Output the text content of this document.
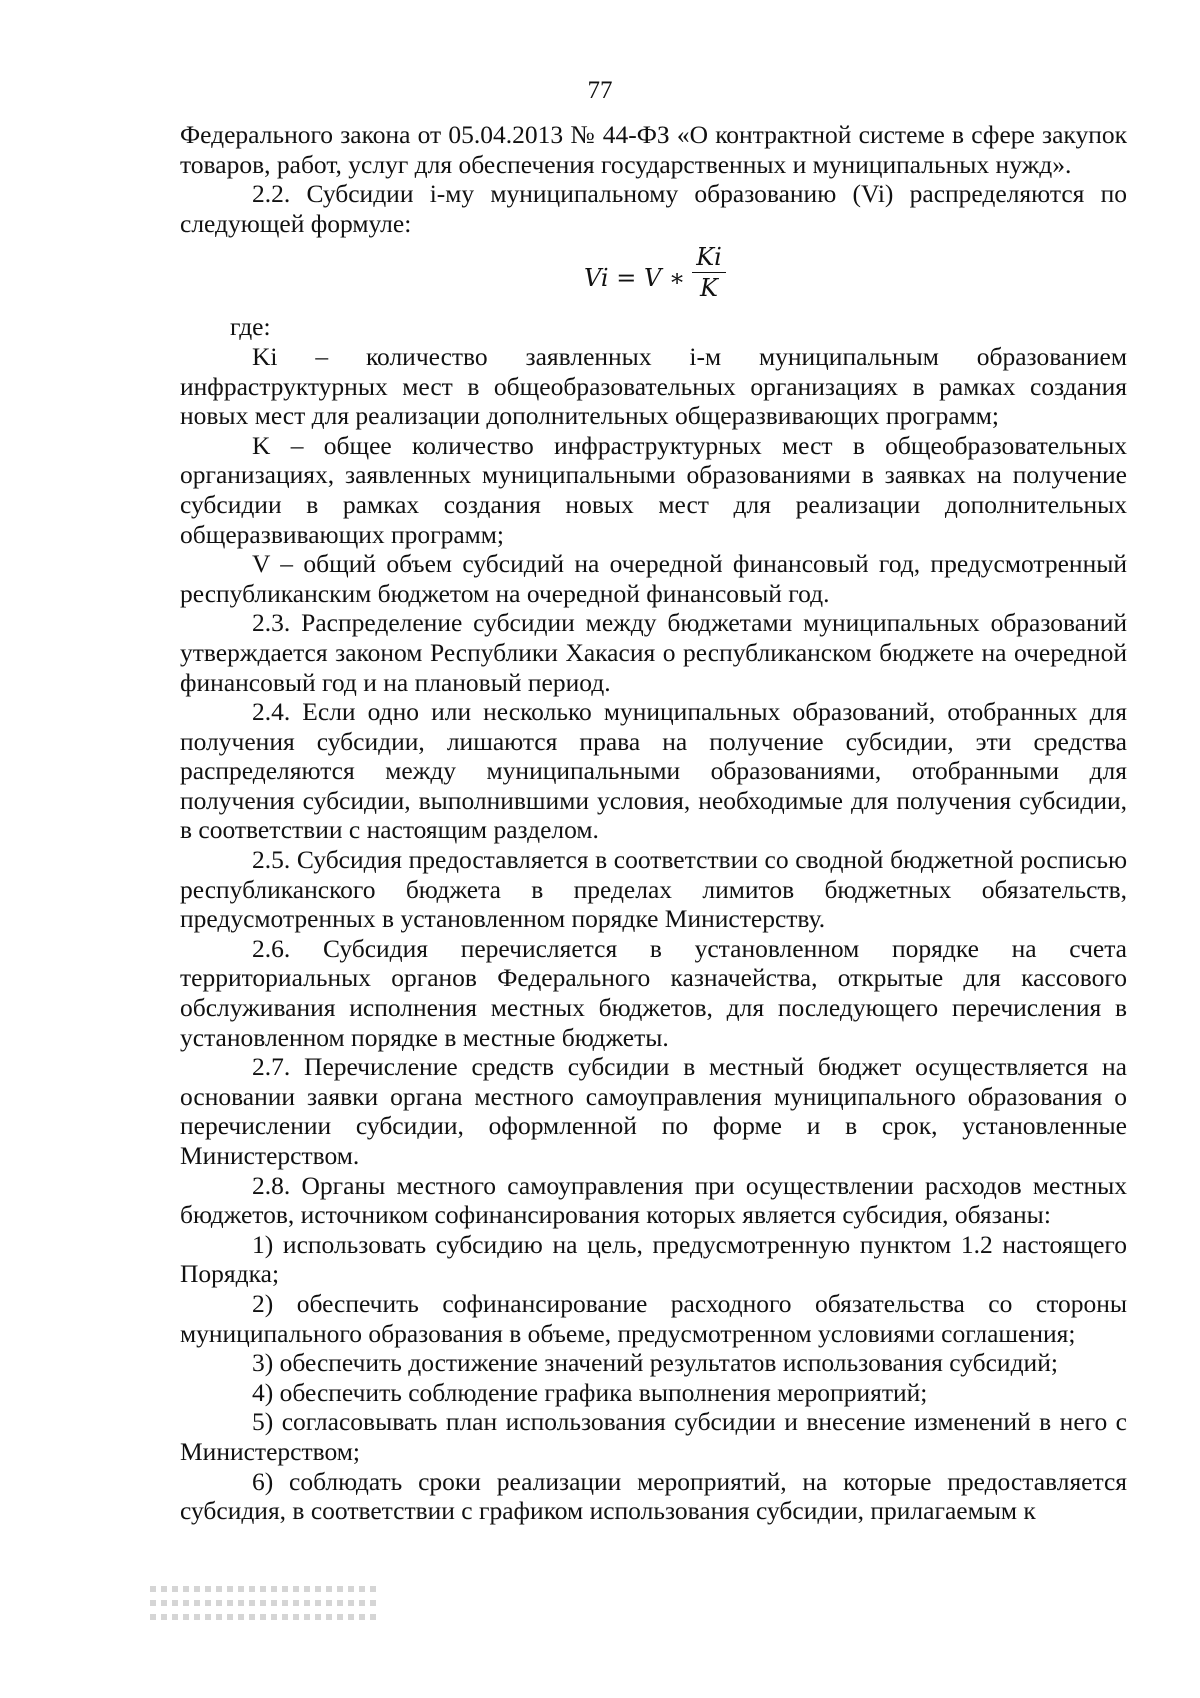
77

Федерального закона от 05.04.2013 № 44-ФЗ «О контрактной системе в сфере закупок товаров, работ, услуг для обеспечения государственных и муниципальных нужд».

2.2. Субсидии i-му муниципальному образованию (Vi) распределяются по следующей формуле:

Vi = V ∗ $\frac{Ki}{K}$

где:

Ki – количество заявленных i-м муниципальным образованием инфраструктурных мест в общеобразовательных организациях в рамках создания новых мест для реализации дополнительных общеразвивающих программ;

K – общее количество инфраструктурных мест в общеобразовательных организациях, заявленных муниципальными образованиями в заявках на получение субсидии в рамках создания новых мест для реализации дополнительных общеразвивающих программ;

V – общий объем субсидий на очередной финансовый год, предусмотренный республиканским бюджетом на очередной финансовый год.

2.3. Распределение субсидии между бюджетами муниципальных образований утверждается законом Республики Хакасия о республиканском бюджете на очередной финансовый год и на плановый период.

2.4. Если одно или несколько муниципальных образований, отобранных для получения субсидии, лишаются права на получение субсидии, эти средства распределяются между муниципальными образованиями, отобранными для получения субсидии, выполнившими условия, необходимые для получения субсидии, в соответствии с настоящим разделом.

2.5. Субсидия предоставляется в соответствии со сводной бюджетной росписью республиканского бюджета в пределах лимитов бюджетных обязательств, предусмотренных в установленном порядке Министерству.

2.6. Субсидия перечисляется в установленном порядке на счета территориальных органов Федерального казначейства, открытые для кассового обслуживания исполнения местных бюджетов, для последующего перечисления в установленном порядке в местные бюджеты.

2.7. Перечисление средств субсидии в местный бюджет осуществляется на основании заявки органа местного самоуправления муниципального образования о перечислении субсидии, оформленной по форме и в срок, установленные Министерством.

2.8. Органы местного самоуправления при осуществлении расходов местных бюджетов, источником софинансирования которых является субсидия, обязаны:

1) использовать субсидию на цель, предусмотренную пунктом 1.2 настоящего Порядка;

2) обеспечить софинансирование расходного обязательства со стороны муниципального образования в объеме, предусмотренном условиями соглашения;

3) обеспечить достижение значений результатов использования субсидий;

4) обеспечить соблюдение графика выполнения мероприятий;

5) согласовывать план использования субсидии и внесение изменений в него с Министерством;

6) соблюдать сроки реализации мероприятий, на которые предоставляется субсидия, в соответствии с графиком использования субсидии, прилагаемым к
